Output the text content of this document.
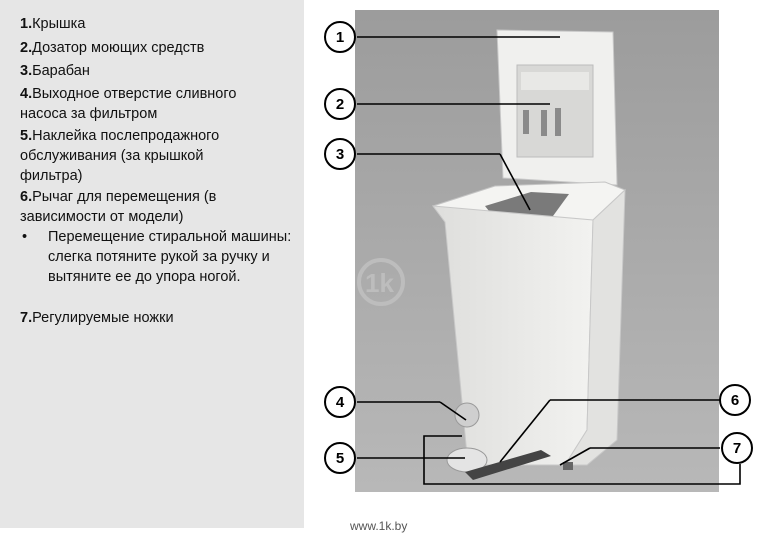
1.Крышка
2.Дозатор моющих средств
3.Барабан
4.Выходное отверстие сливного насоса за фильтром
5.Наклейка послепродажного обслуживания (за крышкой фильтра)
6.Рычаг для перемещения (в зависимости от модели)
•	Перемещение стиральной машины: слегка потяните рукой за ручку и вытяните ее до упора ногой.
7.Регулируемые ножки
1k
1
2
3
4
5
6
7
www.1k.by
